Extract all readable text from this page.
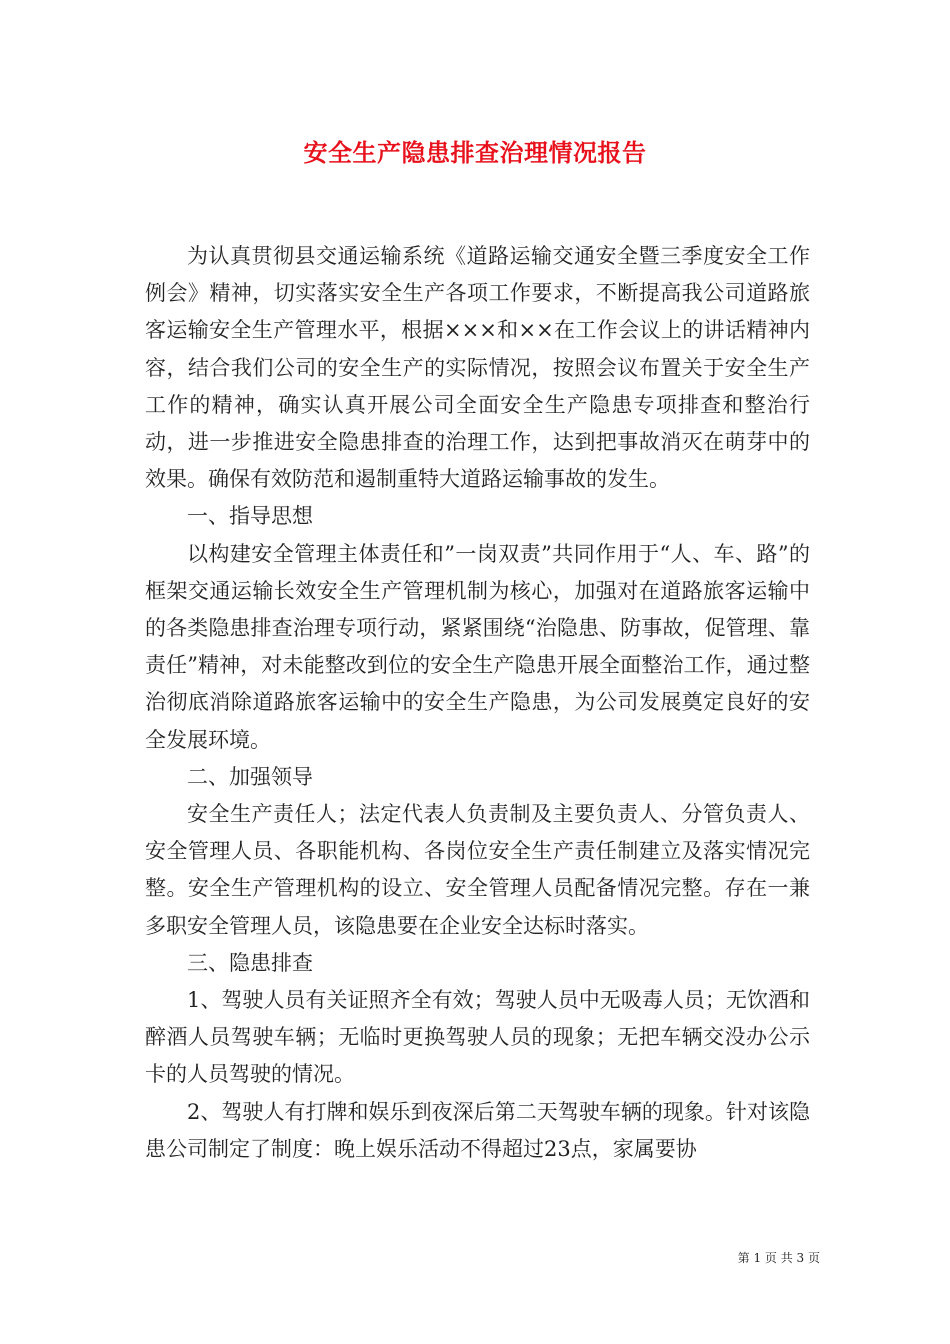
安全生产隐患排查治理情况报告

为认真贯彻县交通运输系统《道路运输交通安全暨三季度安全工作例会》精神，切实落实安全生产各项工作要求，不断提高我公司道路旅客运输安全生产管理水平，根据×××和××在工作会议上的讲话精神内容，结合我们公司的安全生产的实际情况，按照会议布置关于安全生产工作的精神，确实认真开展公司全面安全生产隐患专项排查和整治行动，进一步推进安全隐患排查的治理工作，达到把事故消灭在萌芽中的效果。确保有效防范和遏制重特大道路运输事故的发生。

一、指导思想

以构建安全管理主体责任和”一岗双责”共同作用于“人、车、路”的框架交通运输长效安全生产管理机制为核心，加强对在道路旅客运输中的各类隐患排查治理专项行动，紧紧围绕“治隐患、防事故，促管理、靠责任”精神，对未能整改到位的安全生产隐患开展全面整治工作，通过整治彻底消除道路旅客运输中的安全生产隐患，为公司发展奠定良好的安全发展环境。

二、加强领导

安全生产责任人；法定代表人负责制及主要负责人、分管负责人、安全管理人员、各职能机构、各岗位安全生产责任制建立及落实情况完整。安全生产管理机构的设立、安全管理人员配备情况完整。存在一兼多职安全管理人员，该隐患要在企业安全达标时落实。

三、隐患排查

1、驾驶人员有关证照齐全有效；驾驶人员中无吸毒人员；无饮酒和醉酒人员驾驶车辆；无临时更换驾驶人员的现象；无把车辆交没办公示卡的人员驾驶的情况。

2、驾驶人有打牌和娱乐到夜深后第二天驾驶车辆的现象。针对该隐患公司制定了制度：晚上娱乐活动不得超过23点，家属要协

第 1 页 共 3 页
